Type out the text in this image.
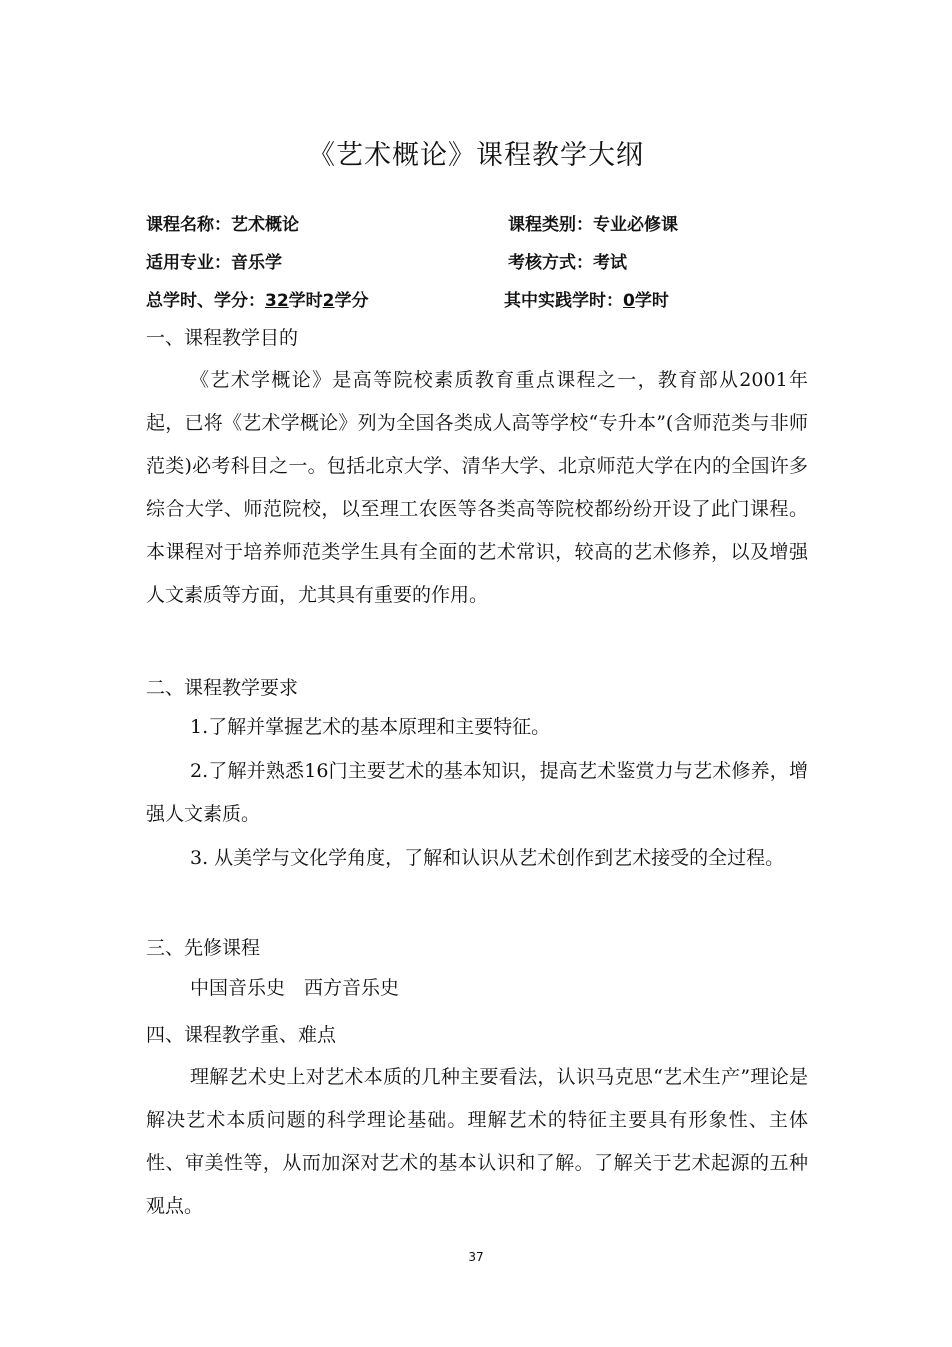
《艺术概论》课程教学大纲
课程名称：艺术概论	课程类别：专业必修课
适用专业：音乐学	考核方式：考试
总学时、学分：32学时2学分	其中实践学时：0学时
一、课程教学目的

《艺术学概论》是高等院校素质教育重点课程之一，教育部从2001年起，已将《艺术学概论》列为全国各类成人高等学校“专升本”(含师范类与非师范类)必考科目之一。包括北京大学、清华大学、北京师范大学在内的全国许多综合大学、师范院校，以至理工农医等各类高等院校都纷纷开设了此门课程。本课程对于培养师范类学生具有全面的艺术常识，较高的艺术修养，以及增强人文素质等方面，尤其具有重要的作用。

二、课程教学要求

1.了解并掌握艺术的基本原理和主要特征。

2.了解并熟悉16门主要艺术的基本知识，提高艺术鉴赏力与艺术修养，增强人文素质。

3. 从美学与文化学角度，了解和认识从艺术创作到艺术接受的全过程。

三、先修课程

中国音乐史　西方音乐史

四、课程教学重、难点

理解艺术史上对艺术本质的几种主要看法，认识马克思“艺术生产”理论是解决艺术本质问题的科学理论基础。理解艺术的特征主要具有形象性、主体性、审美性等，从而加深对艺术的基本认识和了解。了解关于艺术起源的五种观点。

37
